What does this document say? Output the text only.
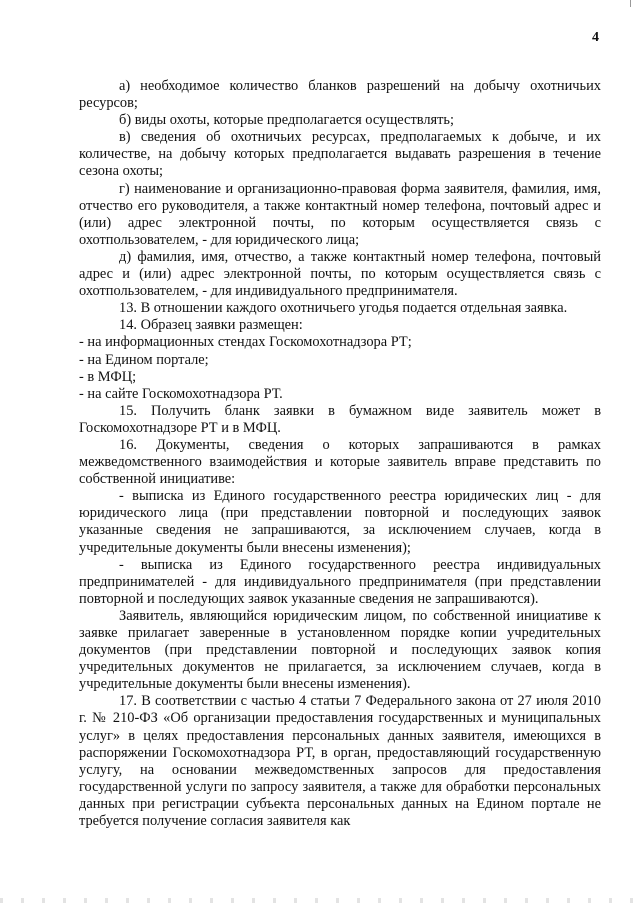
4

а) необходимое количество бланков разрешений на добычу охотничьих ресурсов;

б) виды охоты, которые предполагается осуществлять;

в) сведения об охотничьих ресурсах, предполагаемых к добыче, и их количестве, на добычу которых предполагается выдавать разрешения в течение сезона охоты;

г) наименование и организационно-правовая форма заявителя, фамилия, имя, отчество его руководителя, а также контактный номер телефона, почтовый адрес и (или) адрес электронной почты, по которым осуществляется связь с охотпользователем, - для юридического лица;

д) фамилия, имя, отчество, а также контактный номер телефона, почтовый адрес и (или) адрес электронной почты, по которым осуществляется связь с охотпользователем, - для индивидуального предпринимателя.

13. В отношении каждого охотничьего угодья подается отдельная заявка.

14. Образец заявки размещен:

- на информационных стендах Госкомохотнадзора РТ;

- на Едином портале;

- в МФЦ;

- на сайте Госкомохотнадзора РТ.

15. Получить бланк заявки в бумажном виде заявитель может в Госкомохотнадзоре РТ и в МФЦ.

16. Документы, сведения о которых запрашиваются в рамках межведомственного взаимодействия и которые заявитель вправе представить по собственной инициативе:

- выписка из Единого государственного реестра юридических лиц - для юридического лица (при представлении повторной и последующих заявок указанные сведения не запрашиваются, за исключением случаев, когда в учредительные документы были внесены изменения);

- выписка из Единого государственного реестра индивидуальных предпринимателей - для индивидуального предпринимателя (при представлении повторной и последующих заявок указанные сведения не запрашиваются).

Заявитель, являющийся юридическим лицом, по собственной инициативе к заявке прилагает заверенные в установленном порядке копии учредительных документов (при представлении повторной и последующих заявок копия учредительных документов не прилагается, за исключением случаев, когда в учредительные документы были внесены изменения).

17. В соответствии с частью 4 статьи 7 Федерального закона от 27 июля 2010 г. № 210-ФЗ «Об организации предоставления государственных и муниципальных услуг» в целях предоставления персональных данных заявителя, имеющихся в распоряжении Госкомохотнадзора РТ, в орган, предоставляющий государственную услугу, на основании межведомственных запросов для предоставления государственной услуги по запросу заявителя, а также для обработки персональных данных при регистрации субъекта персональных данных на Едином портале не требуется получение согласия заявителя как
